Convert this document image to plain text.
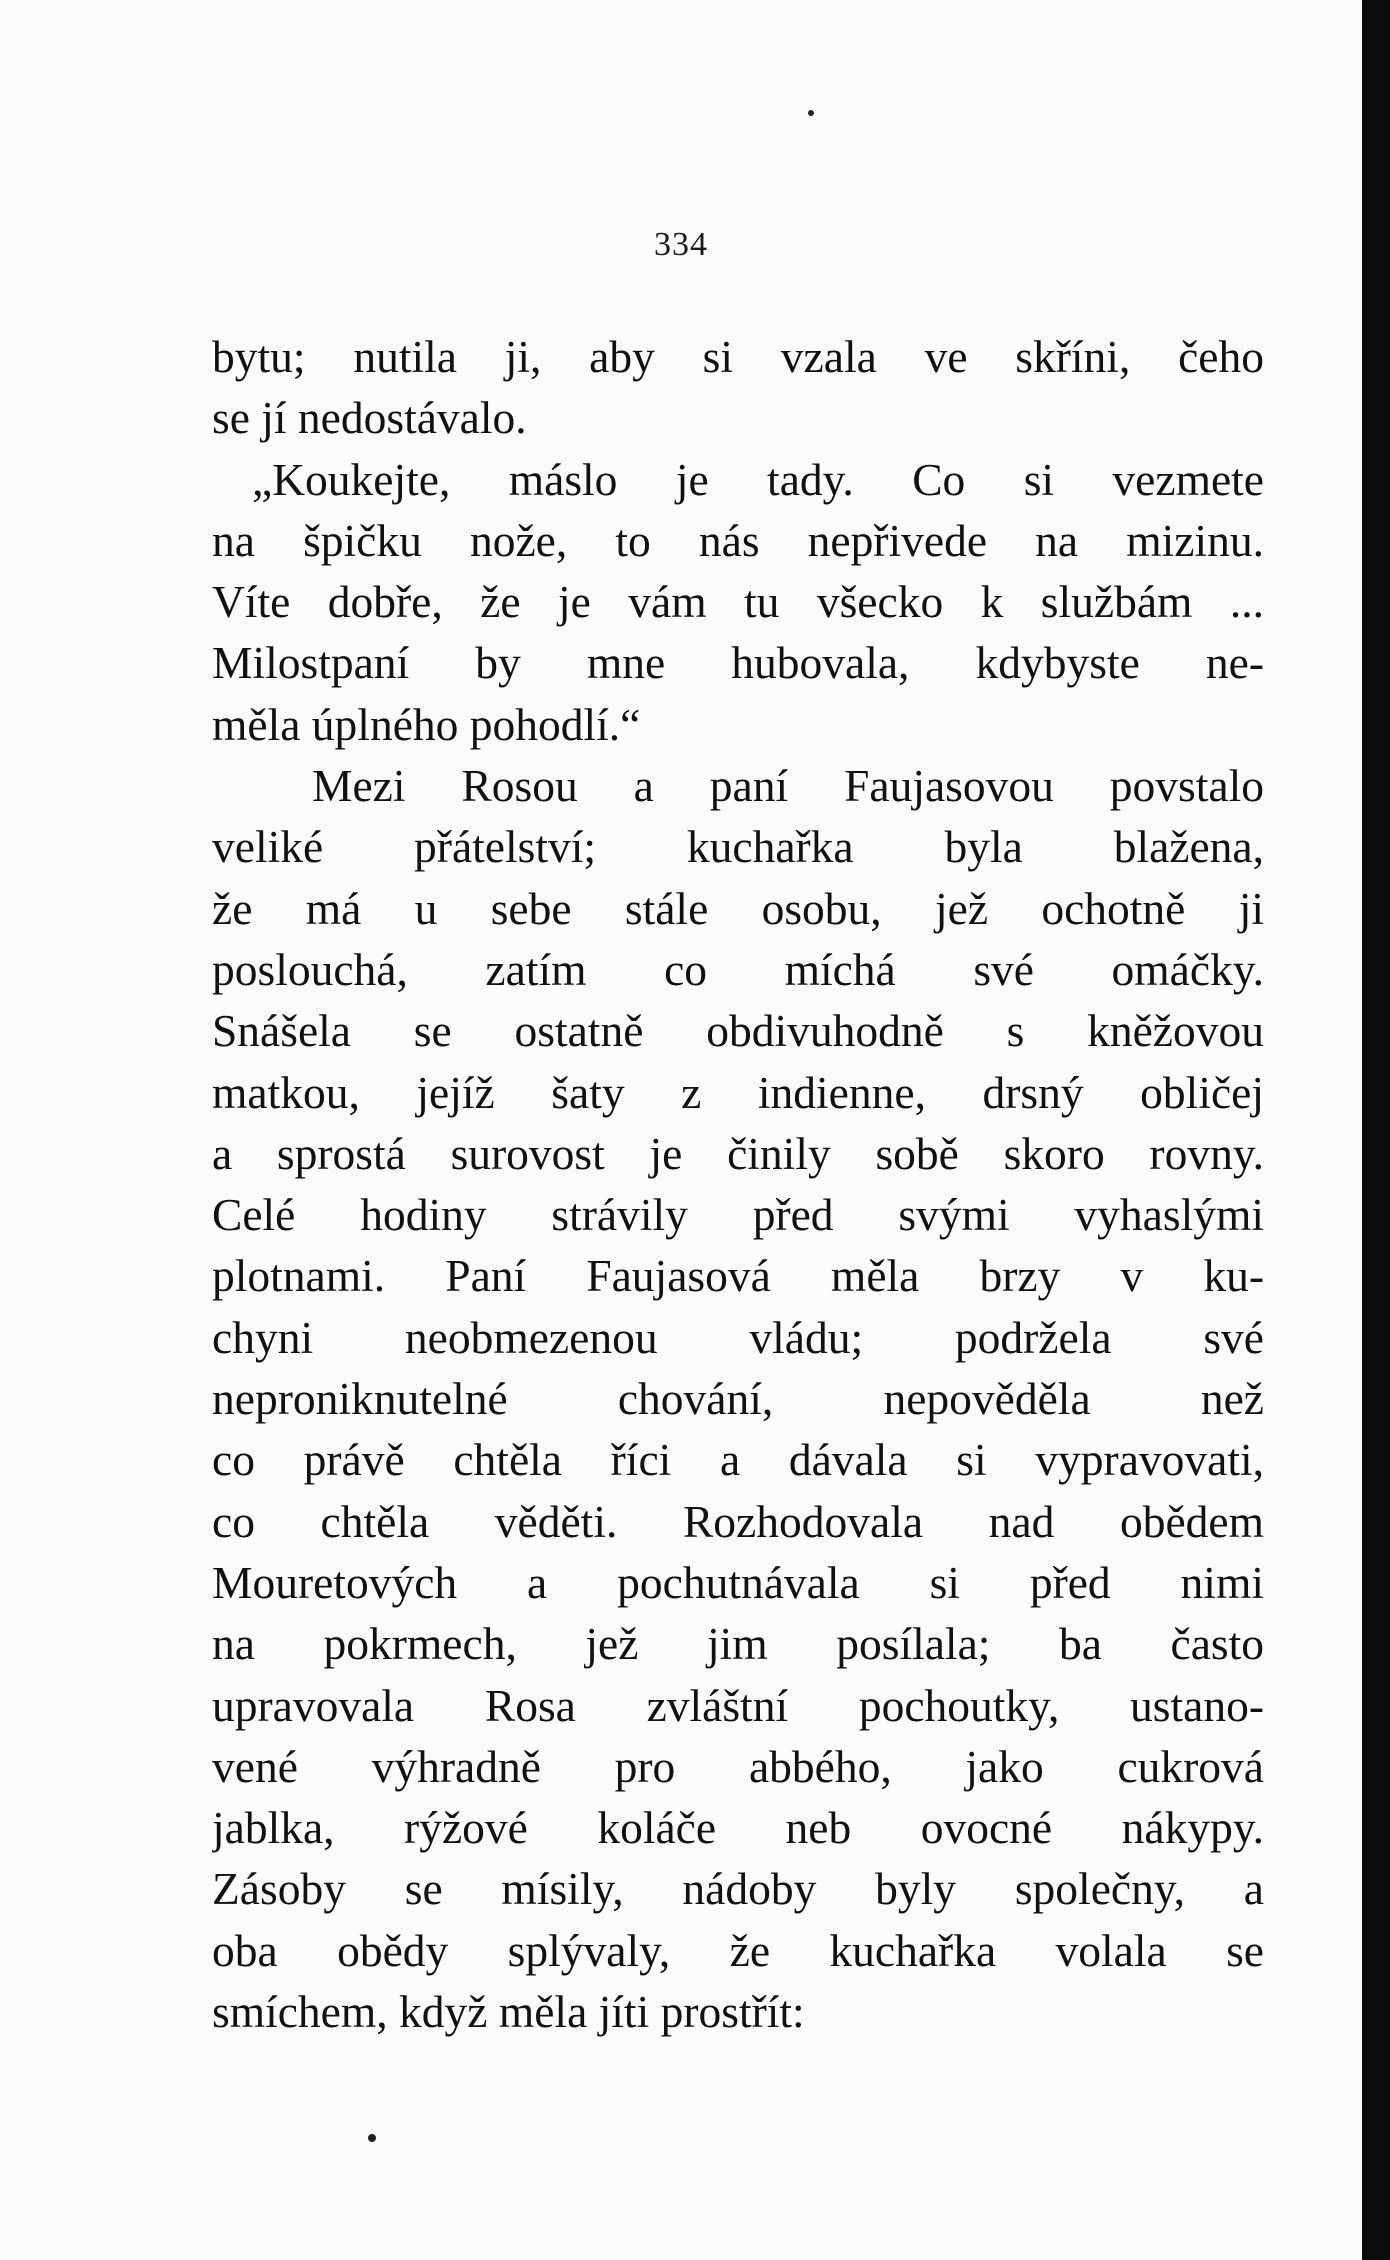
334
bytu; nutila ji, aby si vzala ve skříni, čeho
se jí nedostávalo.
„Koukejte, máslo je tady. Co si vezmete
na špičku nože, to nás nepřivede na mizinu.
Víte dobře, že je vám tu všecko k službám ...
Milostpaní by mne hubovala, kdybyste ne-
měla úplného pohodlí.“
Mezi Rosou a paní Faujasovou povstalo
veliké přátelství; kuchařka byla blažena,
že má u sebe stále osobu, jež ochotně ji
poslouchá, zatím co míchá své omáčky.
Snášela se ostatně obdivuhodně s kněžovou
matkou, jejíž šaty z indienne, drsný obličej
a sprostá surovost je činily sobě skoro rovny.
Celé hodiny strávily před svými vyhaslými
plotnami. Paní Faujasová měla brzy v ku-
chyni neobmezenou vládu; podržela své
neproniknutelné chování, nepověděla než
co právě chtěla říci a dávala si vypravovati,
co chtěla věděti. Rozhodovala nad obědem
Mouretových a pochutnávala si před nimi
na pokrmech, jež jim posílala; ba často
upravovala Rosa zvláštní pochoutky, ustano-
vené výhradně pro abbého, jako cukrová
jablka, rýžové koláče neb ovocné nákypy.
Zásoby se mísily, nádoby byly společny, a
oba obědy splývaly, že kuchařka volala se
smíchem, když měla jíti prostřít:
